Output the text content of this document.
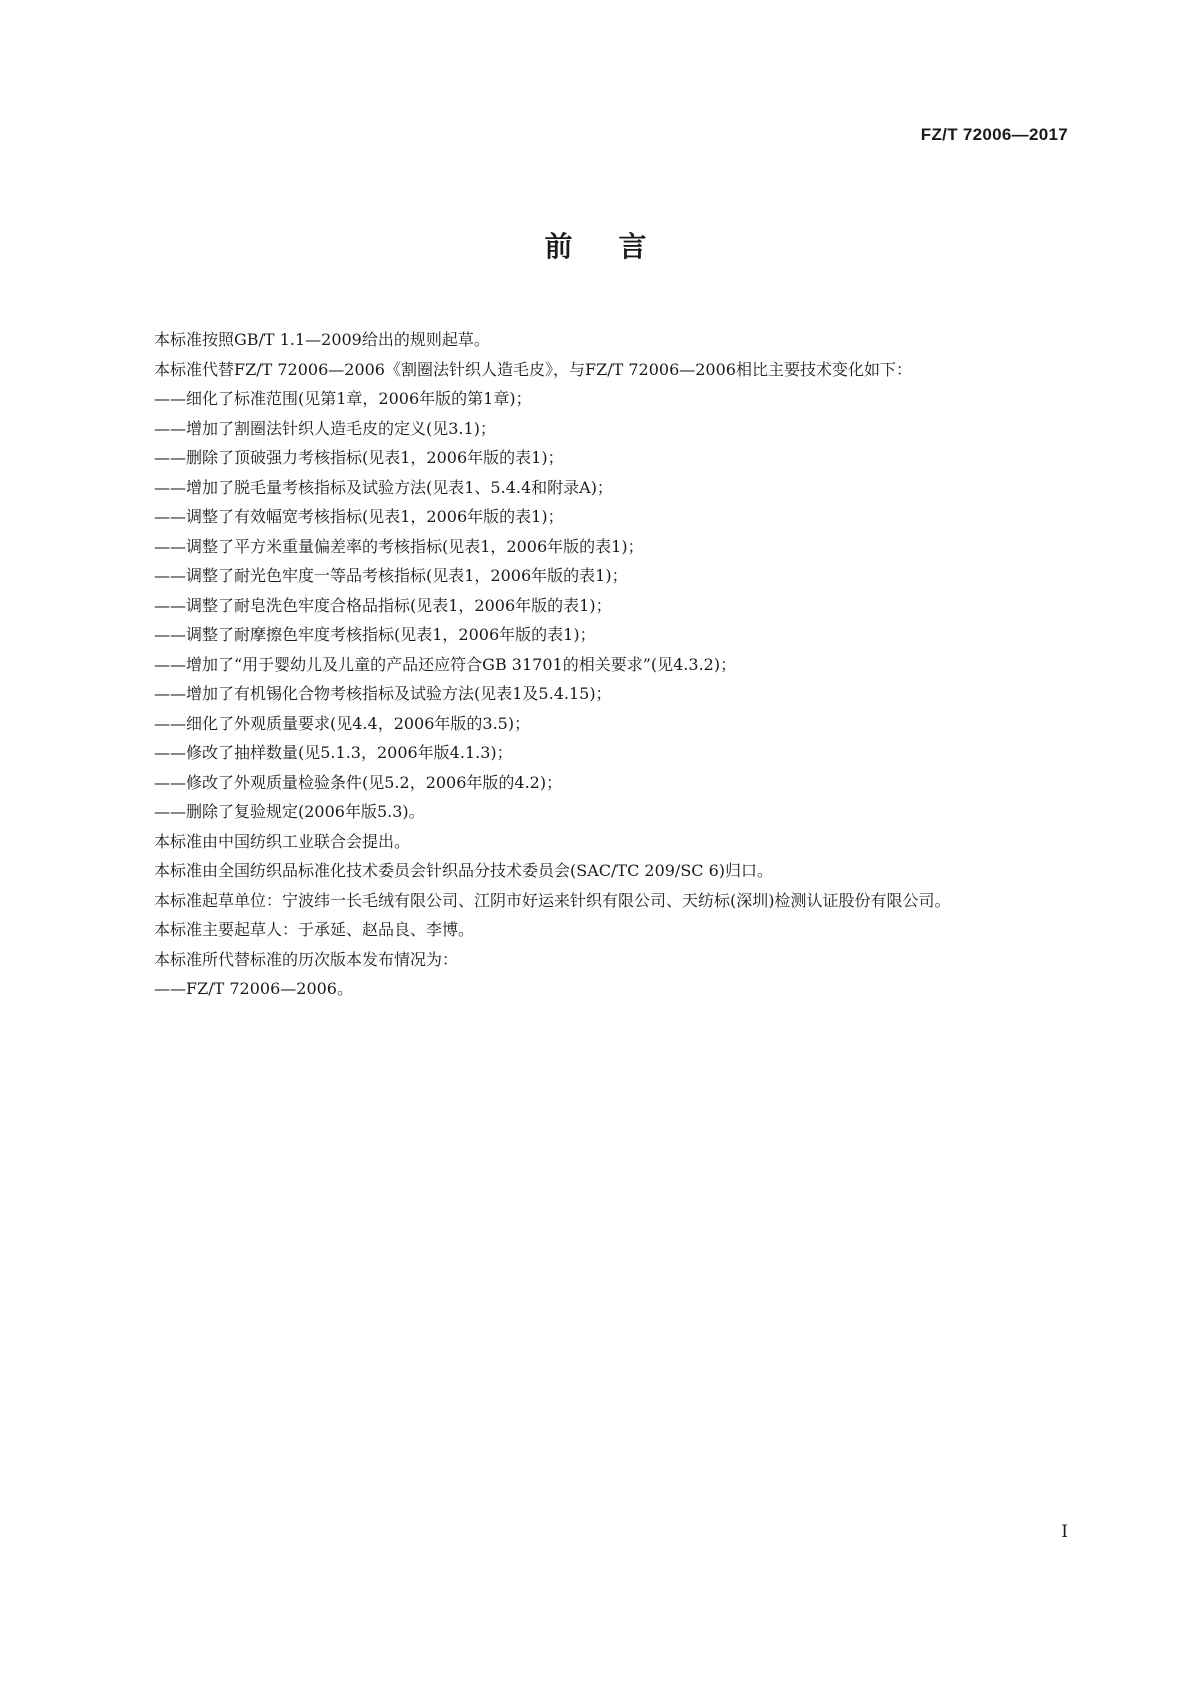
FZ/T 72006—2017
前言

本标准按照GB/T 1.1—2009给出的规则起草。

本标准代替FZ/T 72006—2006《割圈法针织人造毛皮》，与FZ/T 72006—2006相比主要技术变化如下：

——细化了标准范围(见第1章，2006年版的第1章)；

——增加了割圈法针织人造毛皮的定义(见3.1)；

——删除了顶破强力考核指标(见表1，2006年版的表1)；

——增加了脱毛量考核指标及试验方法(见表1、5.4.4和附录A)；

——调整了有效幅宽考核指标(见表1，2006年版的表1)；

——调整了平方米重量偏差率的考核指标(见表1，2006年版的表1)；

——调整了耐光色牢度一等品考核指标(见表1，2006年版的表1)；

——调整了耐皂洗色牢度合格品指标(见表1，2006年版的表1)；

——调整了耐摩擦色牢度考核指标(见表1，2006年版的表1)；

——增加了“用于婴幼儿及儿童的产品还应符合GB 31701的相关要求”(见4.3.2)；

——增加了有机锡化合物考核指标及试验方法(见表1及5.4.15)；

——细化了外观质量要求(见4.4，2006年版的3.5)；

——修改了抽样数量(见5.1.3，2006年版4.1.3)；

——修改了外观质量检验条件(见5.2，2006年版的4.2)；

——删除了复验规定(2006年版5.3)。

本标准由中国纺织工业联合会提出。

本标准由全国纺织品标准化技术委员会针织品分技术委员会(SAC/TC 209/SC 6)归口。

本标准起草单位：宁波纬一长毛绒有限公司、江阴市好运来针织有限公司、天纺标(深圳)检测认证股份有限公司。

本标准主要起草人：于承延、赵品良、李博。

本标准所代替标准的历次版本发布情况为：

——FZ/T 72006—2006。

I
